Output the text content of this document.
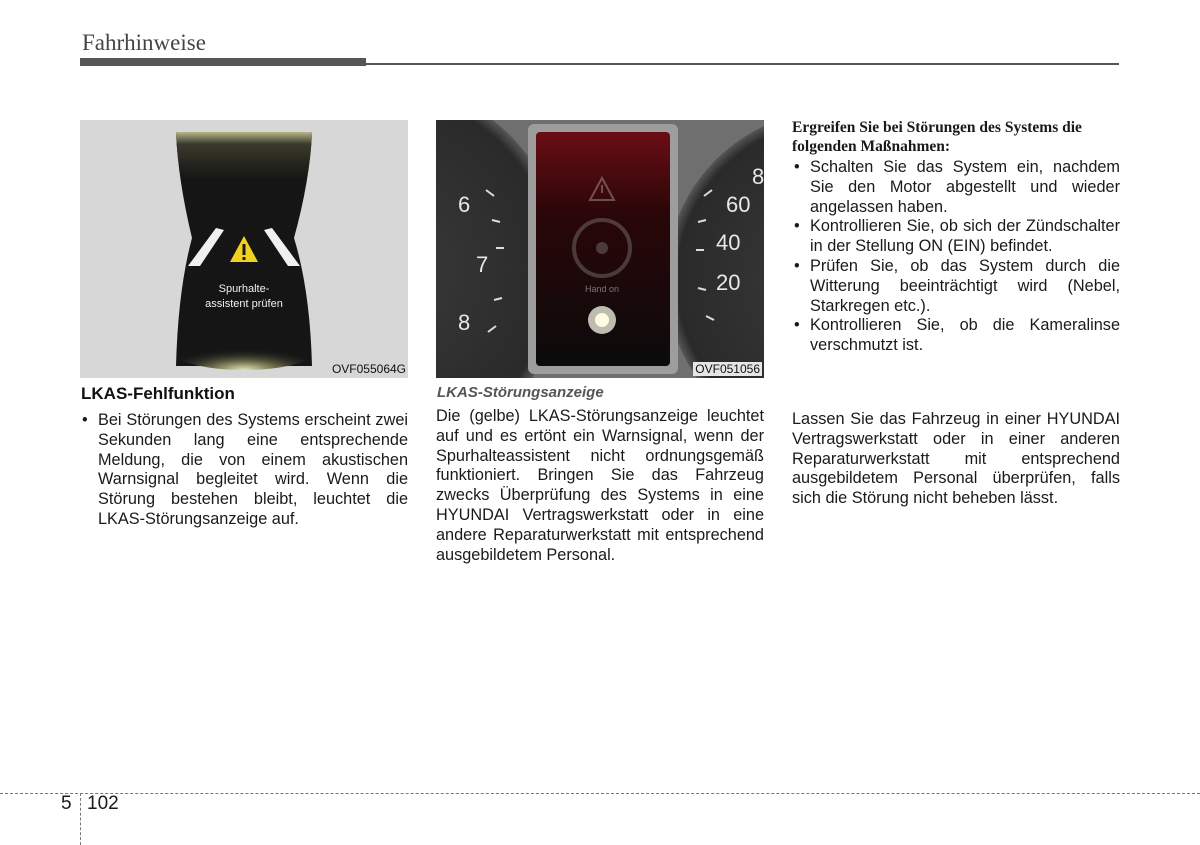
Fahrhinweise
Spurhalte-
assistent prüfen
OVF055064G
Hand on
6
7
8
8
60
40
20
OVF051056
LKAS-Fehlfunktion
• Bei Störungen des Systems erscheint zwei Sekunden lang eine entsprechende Meldung, die von einem akustischen Warnsignal begleitet wird. Wenn die Störung bestehen bleibt, leuchtet die LKAS-Störungsanzeige auf.
LKAS-Störungsanzeige
Die (gelbe) LKAS-Störungsanzeige leuchtet auf und es ertönt ein Warnsignal, wenn der Spurhalteassistent nicht ordnungsgemäß funktioniert. Bringen Sie das Fahrzeug zwecks Überprüfung des Systems in eine HYUNDAI Vertragswerkstatt oder in eine andere Reparaturwerkstatt mit entsprechend ausgebildetem Personal.
Ergreifen Sie bei Störungen des Systems die folgenden Maßnahmen:
• Schalten Sie das System ein, nachdem Sie den Motor abgestellt und wieder angelassen haben.
• Kontrollieren Sie, ob sich der Zündschalter in der Stellung ON (EIN) befindet.
• Prüfen Sie, ob das System durch die Witterung beeinträchtigt wird (Nebel, Starkregen etc.).
• Kontrollieren Sie, ob die Kameralinse verschmutzt ist.
Lassen Sie das Fahrzeug in einer HYUNDAI Vertragswerkstatt oder in einer anderen Reparaturwerkstatt mit entsprechend ausgebildetem Personal überprüfen, falls sich die Störung nicht beheben lässt.
5 102
